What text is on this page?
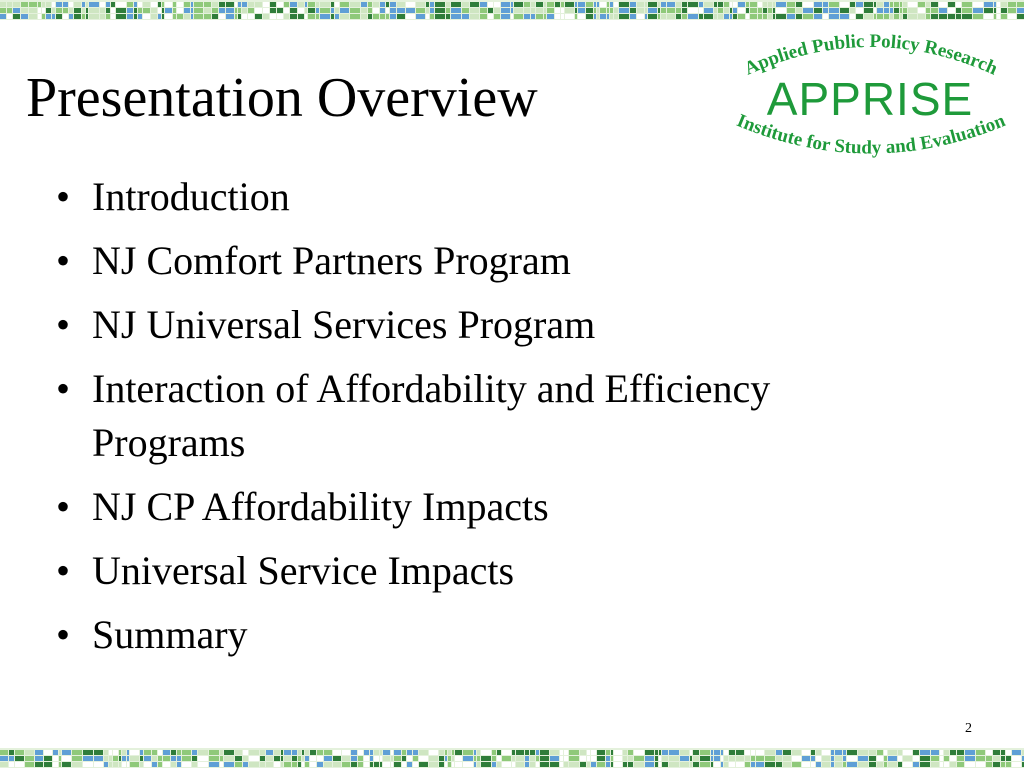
Presentation Overview	Applied Public Policy Research
APPRISE
Institute for Study and Evaluation
• Introduction
• NJ Comfort Partners Program
• NJ Universal Services Program
• Interaction of Affordability and Efficiency Programs
• NJ CP Affordability Impacts
• Universal Service Impacts
• Summary
2
